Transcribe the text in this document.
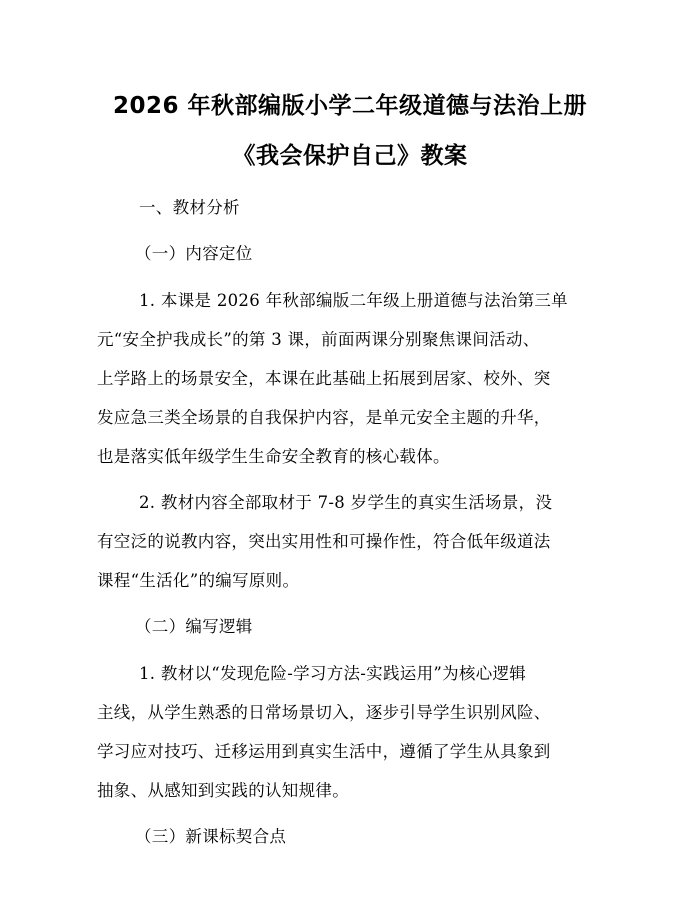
2026 年秋部编版小学二年级道德与法治上册
《我会保护自己》教案
一、教材分析
（一）内容定位
1. 本课是 2026 年秋部编版二年级上册道德与法治第三单
元“安全护我成长”的第 3 课，前面两课分别聚焦课间活动、
上学路上的场景安全，本课在此基础上拓展到居家、校外、突
发应急三类全场景的自我保护内容，是单元安全主题的升华，
也是落实低年级学生生命安全教育的核心载体。
2. 教材内容全部取材于 7-8 岁学生的真实生活场景，没
有空泛的说教内容，突出实用性和可操作性，符合低年级道法
课程“生活化”的编写原则。
（二）编写逻辑
1. 教材以“发现危险-学习方法-实践运用”为核心逻辑
主线，从学生熟悉的日常场景切入，逐步引导学生识别风险、
学习应对技巧、迁移运用到真实生活中，遵循了学生从具象到
抽象、从感知到实践的认知规律。
（三）新课标契合点
